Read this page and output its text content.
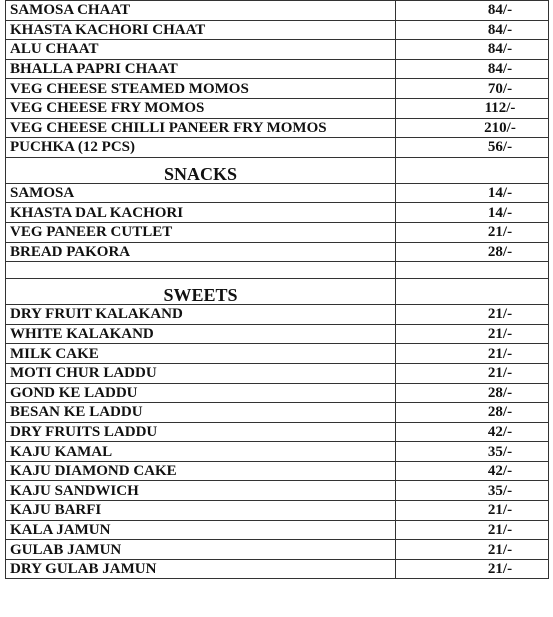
SAMOSA CHAAT	84/-
KHASTA KACHORI CHAAT	84/-
ALU CHAAT	84/-
BHALLA PAPRI CHAAT	84/-
VEG CHEESE STEAMED MOMOS	70/-
VEG CHEESE FRY MOMOS	112/-
VEG CHEESE CHILLI PANEER FRY MOMOS	210/-
PUCHKA (12 PCS)	56/-
SNACKS	
SAMOSA	14/-
KHASTA DAL KACHORI	14/-
VEG PANEER CUTLET	21/-
BREAD PAKORA	28/-

SWEETS	
DRY FRUIT KALAKAND	21/-
WHITE KALAKAND	21/-
MILK CAKE	21/-
MOTI CHUR LADDU	21/-
GOND KE LADDU	28/-
BESAN KE LADDU	28/-
DRY FRUITS LADDU	42/-
KAJU KAMAL	35/-
KAJU DIAMOND CAKE	42/-
KAJU SANDWICH	35/-
KAJU BARFI	21/-
KALA JAMUN	21/-
GULAB JAMUN	21/-
DRY GULAB JAMUN	21/-
